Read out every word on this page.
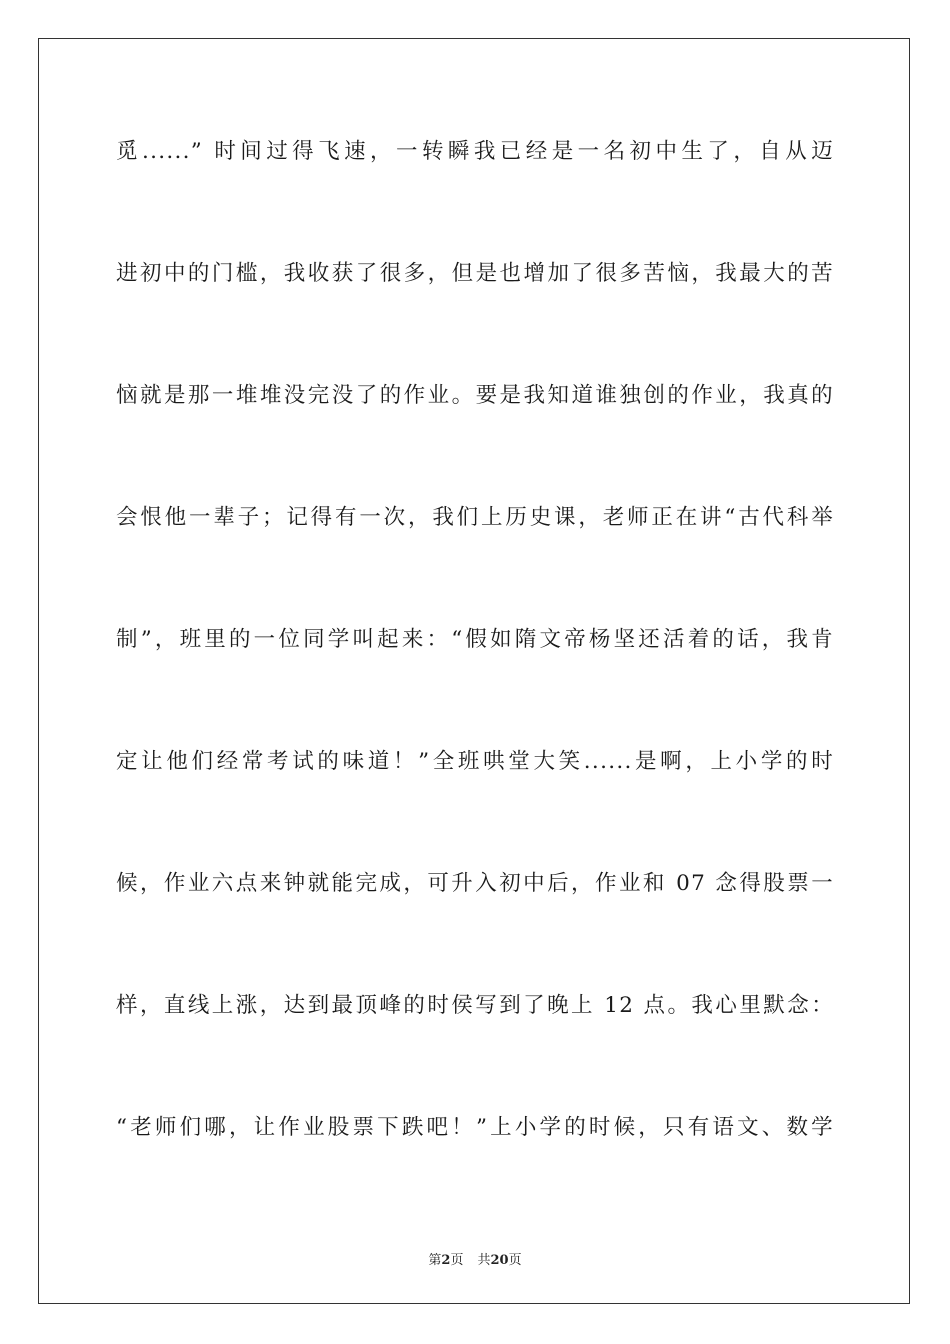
觅......” 时间过得飞速，一转瞬我已经是一名初中生了，自从迈
进初中的门槛，我收获了很多，但是也增加了很多苦恼，我最大的苦
恼就是那一堆堆没完没了的作业。要是我知道谁独创的作业，我真的
会恨他一辈子；记得有一次，我们上历史课，老师正在讲“古代科举
制”，班里的一位同学叫起来：“假如隋文帝杨坚还活着的话，我肯
定让他们经常考试的味道！”全班哄堂大笑......是啊，上小学的时
候，作业六点来钟就能完成，可升入初中后，作业和 07 念得股票一
样，直线上涨，达到最顶峰的时侯写到了晚上 12 点。我心里默念：
“老师们哪，让作业股票下跌吧！”上小学的时候，只有语文、数学
第2页 共20页
